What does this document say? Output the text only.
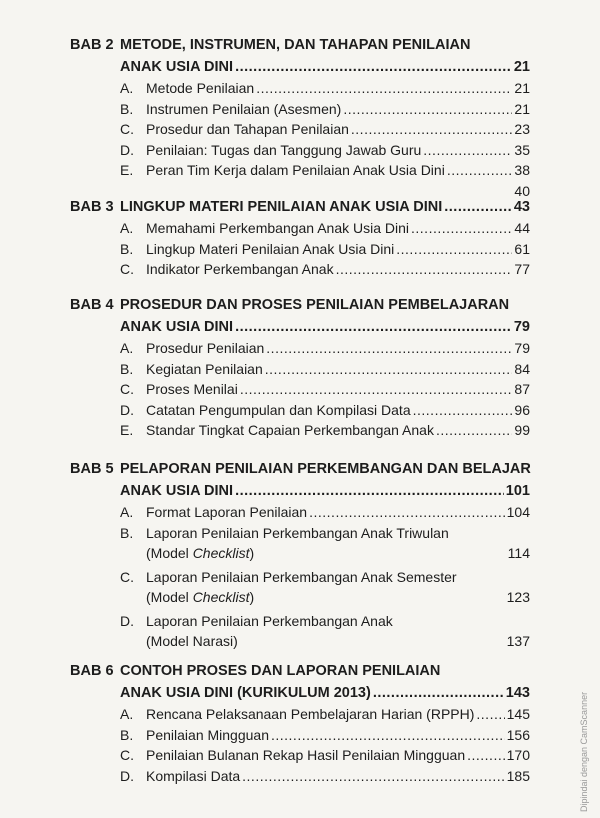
BAB 2 METODE, INSTRUMEN, DAN TAHAPAN PENILAIAN
ANAK USIA DINI .....	21
A. Metode Penilaian .....	21
B. Instrumen Penilaian (Asesmen) .....	21
C. Prosedur dan Tahapan Penilaian .....	23
D. Penilaian: Tugas dan Tanggung Jawab Guru .....	35
E. Peran Tim Kerja dalam Penilaian Anak Usia Dini .....	38
40
BAB 3 LINGKUP MATERI PENILAIAN ANAK USIA DINI .....	43
A. Memahami Perkembangan Anak Usia Dini .....	44
B. Lingkup Materi Penilaian Anak Usia Dini .....	61
C. Indikator Perkembangan Anak .....	77
BAB 4 PROSEDUR DAN PROSES PENILAIAN PEMBELAJARAN
ANAK USIA DINI .....	79
A. Prosedur Penilaian .....	79
B. Kegiatan Penilaian .....	84
C. Proses Menilai .....	87
D. Catatan Pengumpulan dan Kompilasi Data .....	96
E. Standar Tingkat Capaian Perkembangan Anak .....	99
BAB 5 PELAPORAN PENILAIAN PERKEMBANGAN DAN BELAJAR
ANAK USIA DINI .....	101
A. Format Laporan Penilaian .....	104
B. Laporan Penilaian Perkembangan Anak Triwulan
(Model Checklist)	114
C. Laporan Penilaian Perkembangan Anak Semester
(Model Checklist)	123
D. Laporan Penilaian Perkembangan Anak
(Model Narasi)	137
BAB 6 CONTOH PROSES DAN LAPORAN PENILAIAN
ANAK USIA DINI (KURIKULUM 2013) .....	143
A. Rencana Pelaksanaan Pembelajaran Harian (RPPH) ..... 145
B. Penilaian Mingguan .....	156
C. Penilaian Bulanan Rekap Hasil Penilaian Mingguan .....	170
D. Kompilasi Data .....	185	Dipindai dengan CamScanner
